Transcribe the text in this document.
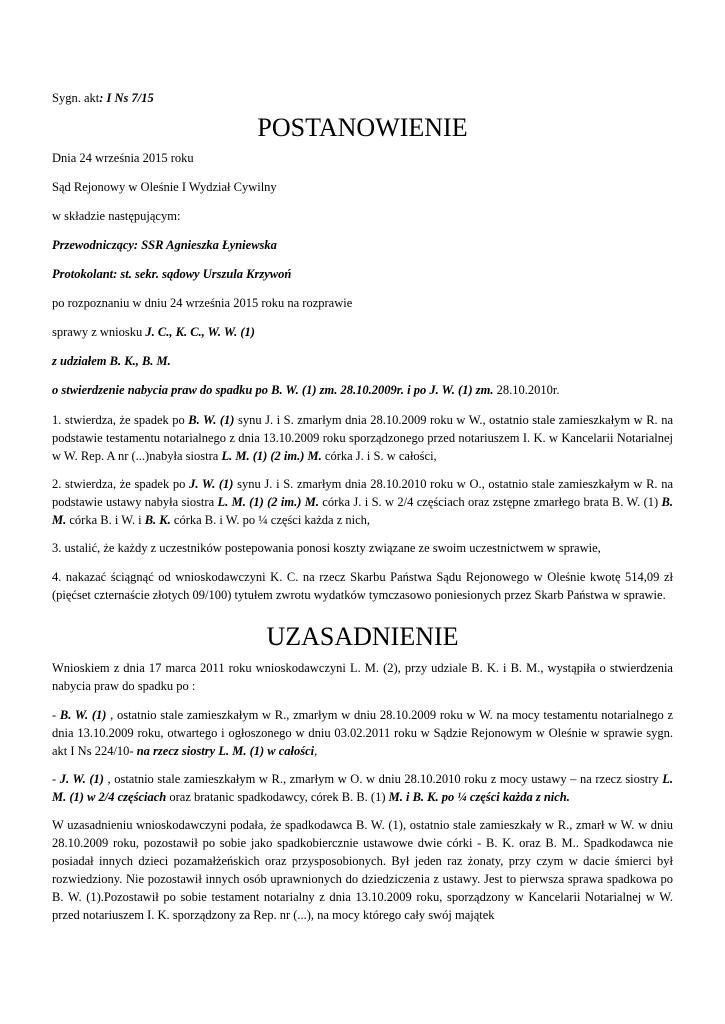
Sygn. akt: I Ns 7/15
POSTANOWIENIE
Dnia 24 września 2015 roku
Sąd Rejonowy w Oleśnie I Wydział Cywilny
w składzie następującym:
Przewodniczący: SSR Agnieszka Łyniewska
Protokolant: st. sekr. sądowy Urszula Krzywoń
po rozpoznaniu w dniu 24 września 2015 roku na rozprawie
sprawy z wniosku J. C., K. C., W. W. (1)
z udziałem B. K., B. M.
o stwierdzenie nabycia praw do spadku po B. W. (1) zm. 28.10.2009r. i po J. W. (1) zm. 28.10.2010r.
1. stwierdza, że spadek po B. W. (1) synu J. i S. zmarłym dnia 28.10.2009 roku w W., ostatnio stale zamieszkałym w R. na podstawie testamentu notarialnego z dnia 13.10.2009 roku sporządzonego przed notariuszem I. K. w Kancelarii Notarialnej w W. Rep. A nr (...)nabyła siostra L. M. (1) (2 im.) M. córka J. i S. w całości,
2. stwierdza, że spadek po J. W. (1) synu J. i S. zmarłym dnia 28.10.2010 roku w O., ostatnio stale zamieszkałym w R. na podstawie ustawy nabyła siostra L. M. (1) (2 im.) M. córka J. i S. w 2/4 częściach oraz zstępne zmarłego brata B. W. (1) B. M. córka B. i W. i B. K. córka B. i W. po ¼ części każda z nich,
3. ustalić, że każdy z uczestników postepowania ponosi koszty związane ze swoim uczestnictwem w sprawie,
4. nakazać ściągnąć od wnioskodawczyni K. C. na rzecz Skarbu Państwa Sądu Rejonowego w Oleśnie kwotę 514,09 zł (pięćset czternaście złotych 09/100) tytułem zwrotu wydatków tymczasowo poniesionych przez Skarb Państwa w sprawie.
UZASADNIENIE
Wnioskiem z dnia 17 marca 2011 roku wnioskodawczyni L. M. (2), przy udziale B. K. i B. M., wystąpiła o stwierdzenia nabycia praw do spadku po :
- B. W. (1) , ostatnio stale zamieszkałym w R., zmarłym w dniu 28.10.2009 roku w W. na mocy testamentu notarialnego z dnia 13.10.2009 roku, otwartego i ogłoszonego w dniu 03.02.2011 roku w Sądzie Rejonowym w Oleśnie w sprawie sygn. akt I Ns 224/10- na rzecz siostry L. M. (1) w całości,
- J. W. (1) , ostatnio stale zamieszkałym w R., zmarłym w O. w dniu 28.10.2010 roku z mocy ustawy – na rzecz siostry L. M. (1) w 2/4 częściach oraz bratanic spadkodawcy, córek B. B. (1) M. i B. K. po ¼ części każda z nich.
W uzasadnieniu wnioskodawczyni podała, że spadkodawca B. W. (1), ostatnio stale zamieszkały w R., zmarł w W. w dniu 28.10.2009 roku, pozostawił po sobie jako spadkobiercznie ustawowe dwie córki - B. K. oraz B. M.. Spadkodawca nie posiadał innych dzieci pozamałżeńskich oraz przysposobionych. Był jeden raz żonaty, przy czym w dacie śmierci był rozwiedziony. Nie pozostawił innych osób uprawnionych do dziedziczenia z ustawy. Jest to pierwsza sprawa spadkowa po B. W. (1).Pozostawił po sobie testament notarialny z dnia 13.10.2009 roku, sporządzony w Kancelarii Notarialnej w W. przed notariuszem I. K. sporządzony za Rep. nr (...), na mocy którego cały swój majątek
